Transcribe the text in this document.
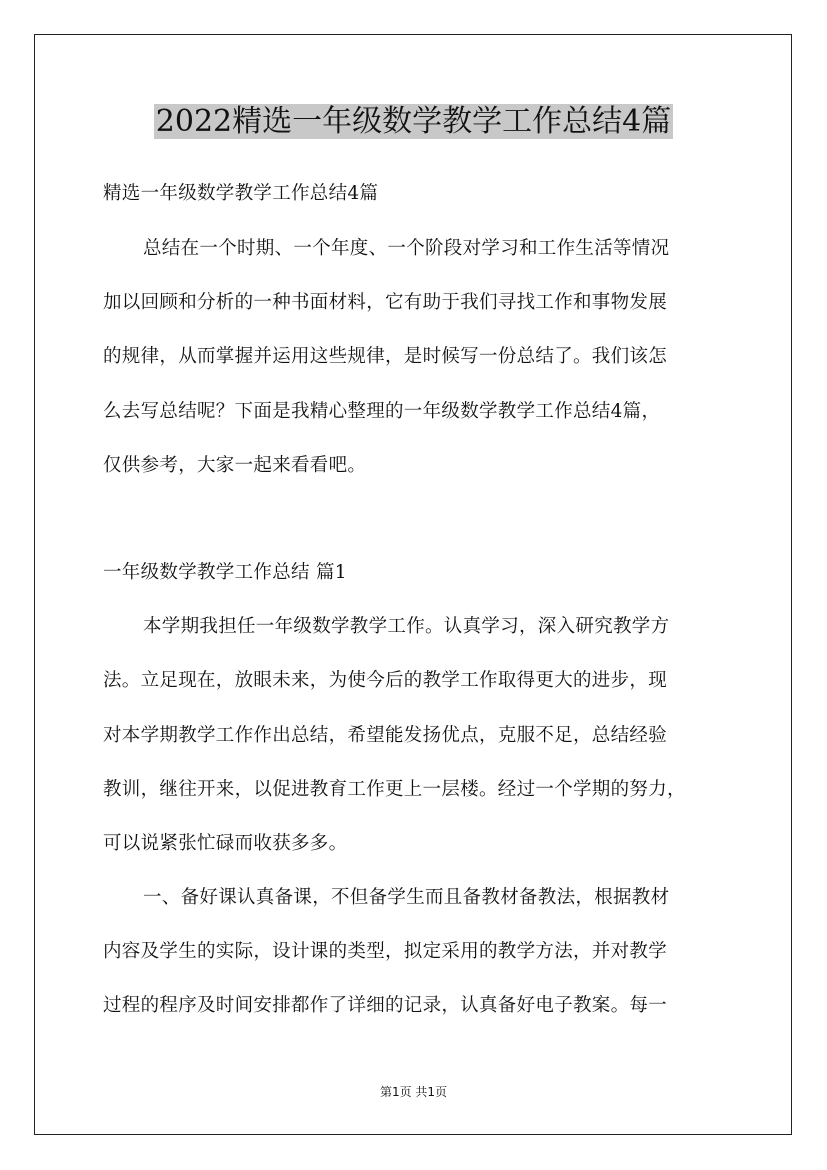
2022精选一年级数学教学工作总结4篇
精选一年级数学教学工作总结4篇
总结在一个时期、一个年度、一个阶段对学习和工作生活等情况
加以回顾和分析的一种书面材料，它有助于我们寻找工作和事物发展
的规律，从而掌握并运用这些规律，是时候写一份总结了。我们该怎
么去写总结呢？下面是我精心整理的一年级数学教学工作总结4篇，
仅供参考，大家一起来看看吧。
一年级数学教学工作总结 篇1
本学期我担任一年级数学教学工作。认真学习，深入研究教学方
法。立足现在，放眼未来，为使今后的教学工作取得更大的进步，现
对本学期教学工作作出总结，希望能发扬优点，克服不足，总结经验
教训，继往开来，以促进教育工作更上一层楼。经过一个学期的努力，
可以说紧张忙碌而收获多多。
一、备好课认真备课，不但备学生而且备教材备教法，根据教材
内容及学生的实际，设计课的类型，拟定采用的教学方法，并对教学
过程的程序及时间安排都作了详细的记录，认真备好电子教案。每一
第1页 共1页
